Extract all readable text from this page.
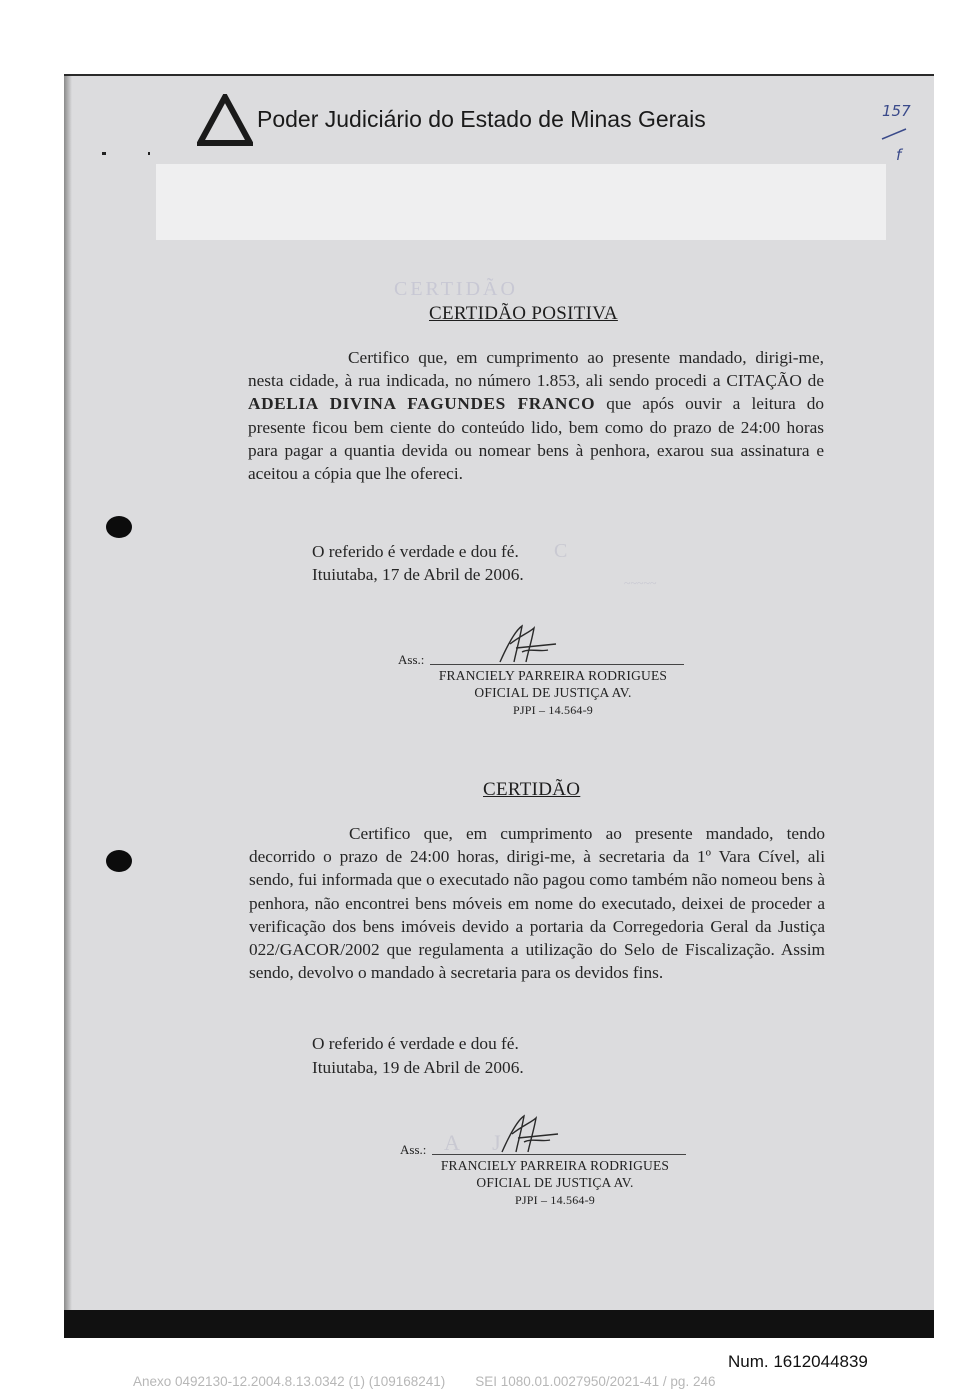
Poder Judiciário do Estado de Minas Gerais	157
f
CERTIDÃO
CERTIDÃO POSITIVA
Certifico que, em cumprimento ao presente mandado, dirigi-me, nesta cidade, à rua indicada, no número 1.853, ali sendo procedi a CITAÇÃO de ADELIA DIVINA FAGUNDES FRANCO que após ouvir a leitura do presente ficou bem ciente do conteúdo lido, bem como do prazo de 24:00 horas para pagar a quantia devida ou nomear bens à penhora, exarou sua assinatura e aceitou a cópia que lhe ofereci.
O referido é verdade e dou fé.
Ituiutaba, 17 de Abril de 2006.
C
~~~~~
Ass.:
FRANCIELY PARREIRA RODRIGUES
OFICIAL DE JUSTIÇA AV.
PJPI – 14.564-9
CERTIDÃO
Certifico que, em cumprimento ao presente mandado, tendo decorrido o prazo de 24:00 horas, dirigi-me, à secretaria da 1º Vara Cível, ali sendo, fui informada que o executado não pagou como também não nomeou bens à penhora, não encontrei bens móveis em nome do executado, deixei de proceder a verificação dos bens imóveis devido a portaria da Corregedoria Geral da Justiça 022/GACOR/2002 que regulamenta a utilização do Selo de Fiscalização. Assim sendo, devolvo o mandado à secretaria para os devidos fins.
O referido é verdade e dou fé.
Ituiutaba, 19 de Abril de 2006.
A J
Ass.:
FRANCIELY PARREIRA RODRIGUES
OFICIAL DE JUSTIÇA AV.
PJPI – 14.564-9
Num. 1612044839
Anexo 0492130-12.2004.8.13.0342 (1) (109168241)        SEI 1080.01.0027950/2021-41 / pg. 246
